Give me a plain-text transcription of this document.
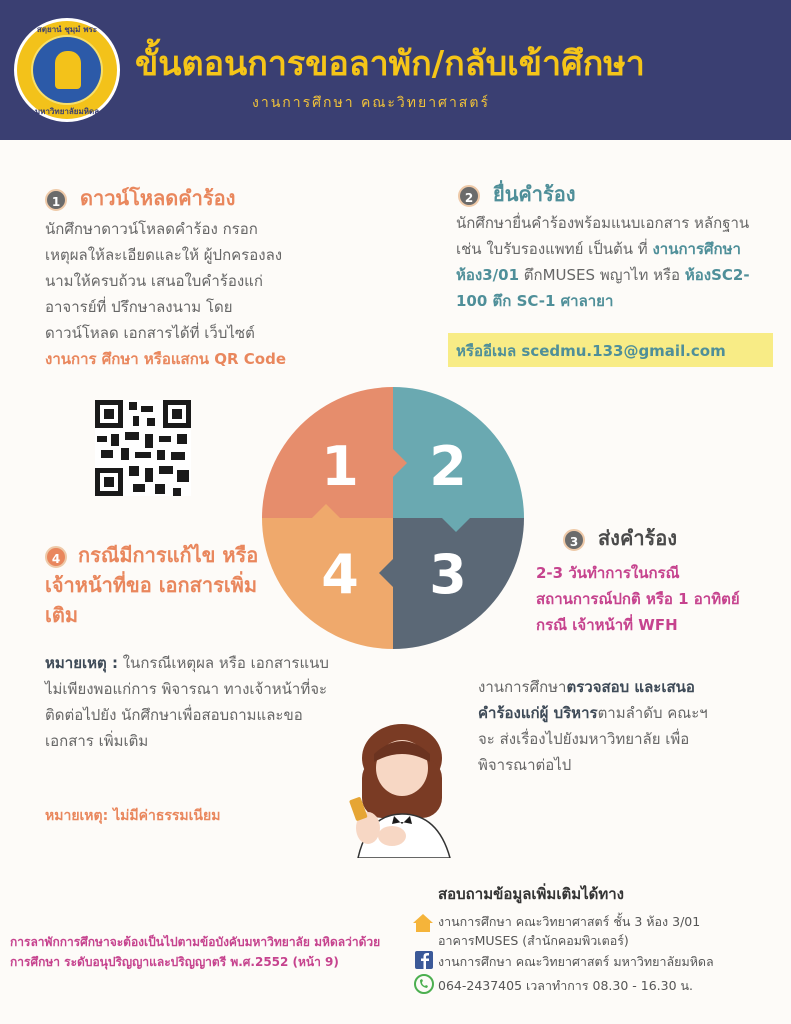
สตฺยานํ ชุมฺมํ พระ
มหาวิทยาลัยมหิดล
ขั้นตอนการขอลาพัก/กลับเข้าศึกษา
งานการศึกษา คณะวิทยาศาสตร์
1 ดาวน์โหลดคำร้อง
นักศึกษาดาวน์โหลดคำร้อง กรอกเหตุผลให้ละเอียดและให้ ผู้ปกครองลงนามให้ครบถ้วน เสนอใบคำร้องแก่อาจารย์ที่ ปรึกษาลงนาม โดยดาวน์โหลด เอกสารได้ที่ เว็บไซต์ งานการ ศึกษา หรือแสกน QR Code
2 ยื่นคำร้อง
นักศึกษายื่นคำร้องพร้อมแนบเอกสาร หลักฐาน เช่น ใบรับรองแพทย์ เป็นต้น ที่ งานการศึกษา ห้อง3/01 ตึกMUSES พญาไท หรือ ห้องSC2-100 ตึก SC-1 ศาลายา
หรืออีเมล scedmu.133@gmail.com
1 2
3
4
4 กรณีมีการแก้ไข หรือเจ้าหน้าที่ขอ เอกสารเพิ่มเติม
หมายเหตุ : ในกรณีเหตุผล หรือ เอกสารแนบไม่เพียงพอแก่การ พิจารณา ทางเจ้าหน้าที่จะติดต่อไปยัง นักศึกษาเพื่อสอบถามและขอเอกสาร เพิ่มเติม
หมายเหตุ: ไม่มีค่าธรรมเนียม
3 ส่งคำร้อง
2-3 วันทำการในกรณี สถานการณ์ปกติ หรือ 1 อาทิตย์ กรณี เจ้าหน้าที่ WFH
งานการศึกษาตรวจสอบ และเสนอคำร้องแก่ผู้ บริหารตามลำดับ คณะฯ จะ ส่งเรื่องไปยังมหาวิทยาลัย เพื่อพิจารณาต่อไป
การลาพักการศึกษาจะต้องเป็นไปตามข้อบังคับมหาวิทยาลัย มหิดลว่าด้วยการศึกษา ระดับอนุปริญญาและปริญญาตรี พ.ศ.2552 (หน้า 9)
สอบถามข้อมูลเพิ่มเติมได้ทาง
งานการศึกษา คณะวิทยาศาสตร์ ชั้น 3 ห้อง 3/01 อาคารMUSES (สำนักคอมพิวเตอร์)
งานการศึกษา คณะวิทยาศาสตร์ มหาวิทยาลัยมหิดล
064-2437405 เวลาทำการ 08.30 - 16.30 น.
